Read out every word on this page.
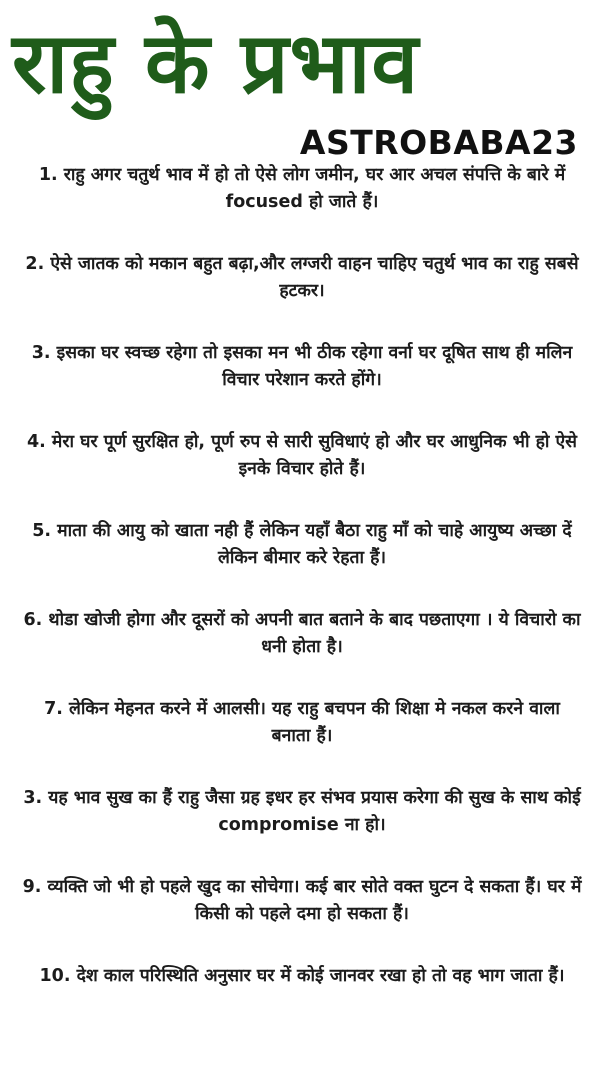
राहु के प्रभाव
ASTROBABA23
1. राहु अगर चतुर्थ भाव में हो तो ऐसे लोग जमीन, घर आर अचल संपत्ति के बारे में focused हो जाते हैं।
2. ऐसे जातक को मकान बहुत बढ़ा,और लग्जरी वाहन चाहिए चतुर्थ भाव का राहु सबसे हटकर।
3. इसका घर स्वच्छ रहेगा तो इसका मन भी ठीक रहेगा वर्ना घर दूषित साथ ही मलिन विचार परेशान करते होंगे।
4. मेरा घर पूर्ण सुरक्षित हो, पूर्ण रुप से सारी सुविधाएं हो और घर आधुनिक भी हो ऐसे इनके विचार होते हैं।
5. माता की आयु को खाता नही हैं लेकिन यहाँ बैठा राहु माँ को चाहे आयुष्य अच्छा दें लेकिन बीमार करे रेहता हैं।
6. थोडा खोजी होगा और दूसरों को अपनी बात बताने के बाद पछताएगा । ये विचारो का धनी होता है।
7. लेकिन मेहनत करने में आलसी। यह राहु बचपन की शिक्षा मे नकल करने वाला बनाता हैं।
3. यह भाव सुख का हैं राहु जैसा ग्रह इधर हर संभव प्रयास करेगा की सुख के साथ कोई compromise ना हो।
9. व्यक्ति जो भी हो पहले खुद का सोचेगा। कई बार सोते वक्त घुटन दे सकता हैं। घर में किसी को पहले दमा हो सकता हैं।
10. देश काल परिस्थिति अनुसार घर में कोई जानवर रखा हो तो वह भाग जाता हैं।
